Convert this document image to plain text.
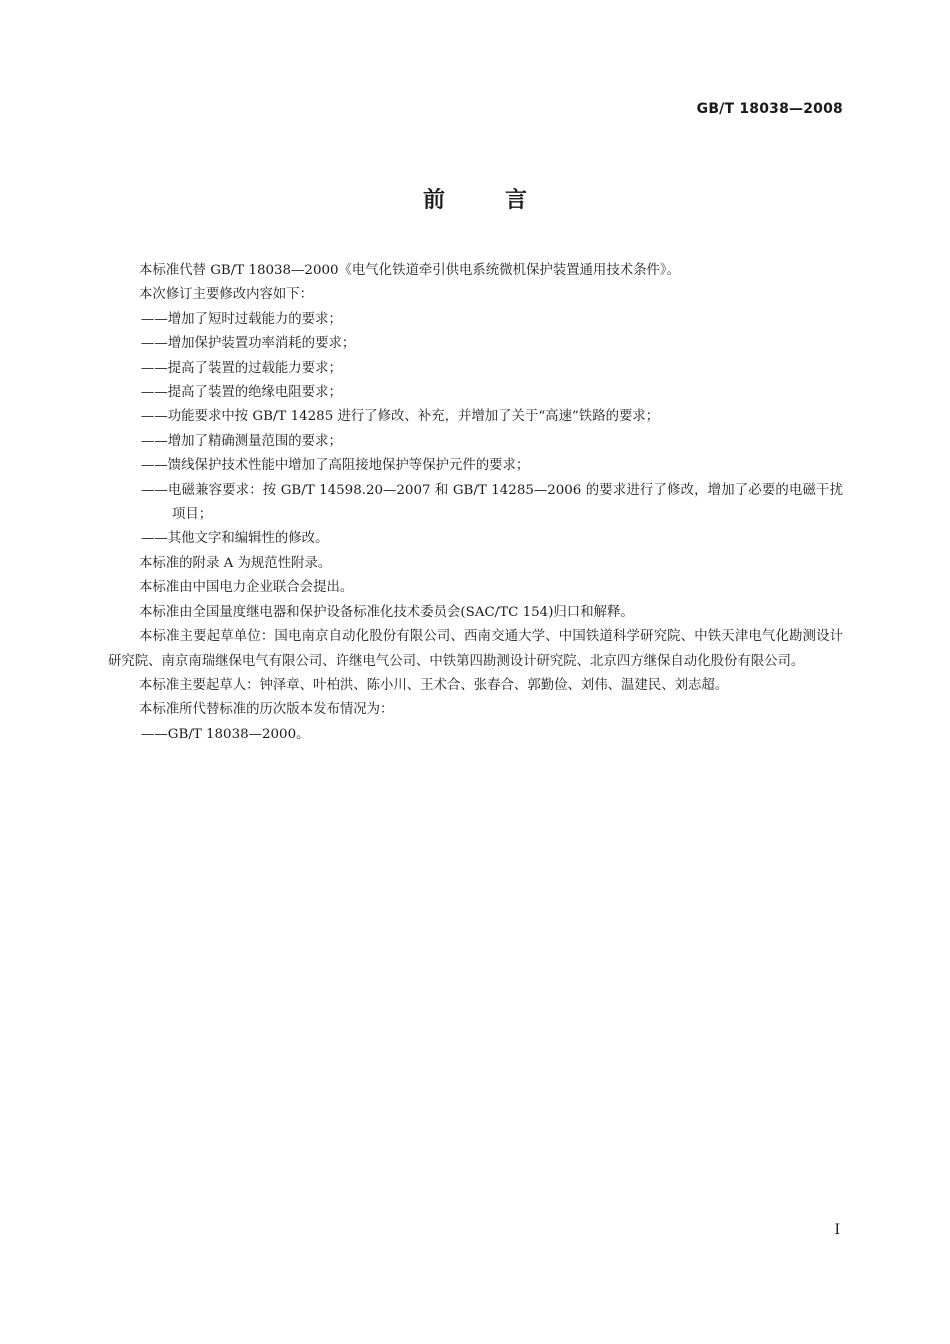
GB/T 18038—2008
前言

本标准代替 GB/T 18038—2000《电气化铁道牵引供电系统微机保护装置通用技术条件》。

本次修订主要修改内容如下：

——增加了短时过载能力的要求；

——增加保护装置功率消耗的要求；

——提高了装置的过载能力要求；

——提高了装置的绝缘电阻要求；

——功能要求中按 GB/T 14285 进行了修改、补充，并增加了关于“高速”铁路的要求；

——增加了精确测量范围的要求；

——馈线保护技术性能中增加了高阻接地保护等保护元件的要求；

——电磁兼容要求：按 GB/T 14598.20—2007 和 GB/T 14285—2006 的要求进行了修改，增加了必要的电磁干扰项目；

——其他文字和编辑性的修改。

本标准的附录 A 为规范性附录。

本标准由中国电力企业联合会提出。

本标准由全国量度继电器和保护设备标准化技术委员会(SAC/TC 154)归口和解释。

本标准主要起草单位：国电南京自动化股份有限公司、西南交通大学、中国铁道科学研究院、中铁天津电气化勘测设计研究院、南京南瑞继保电气有限公司、许继电气公司、中铁第四勘测设计研究院、北京四方继保自动化股份有限公司。

本标准主要起草人：钟泽章、叶柏洪、陈小川、王术合、张春合、郭勤俭、刘伟、温建民、刘志超。

本标准所代替标准的历次版本发布情况为：

——GB/T 18038—2000。

I
